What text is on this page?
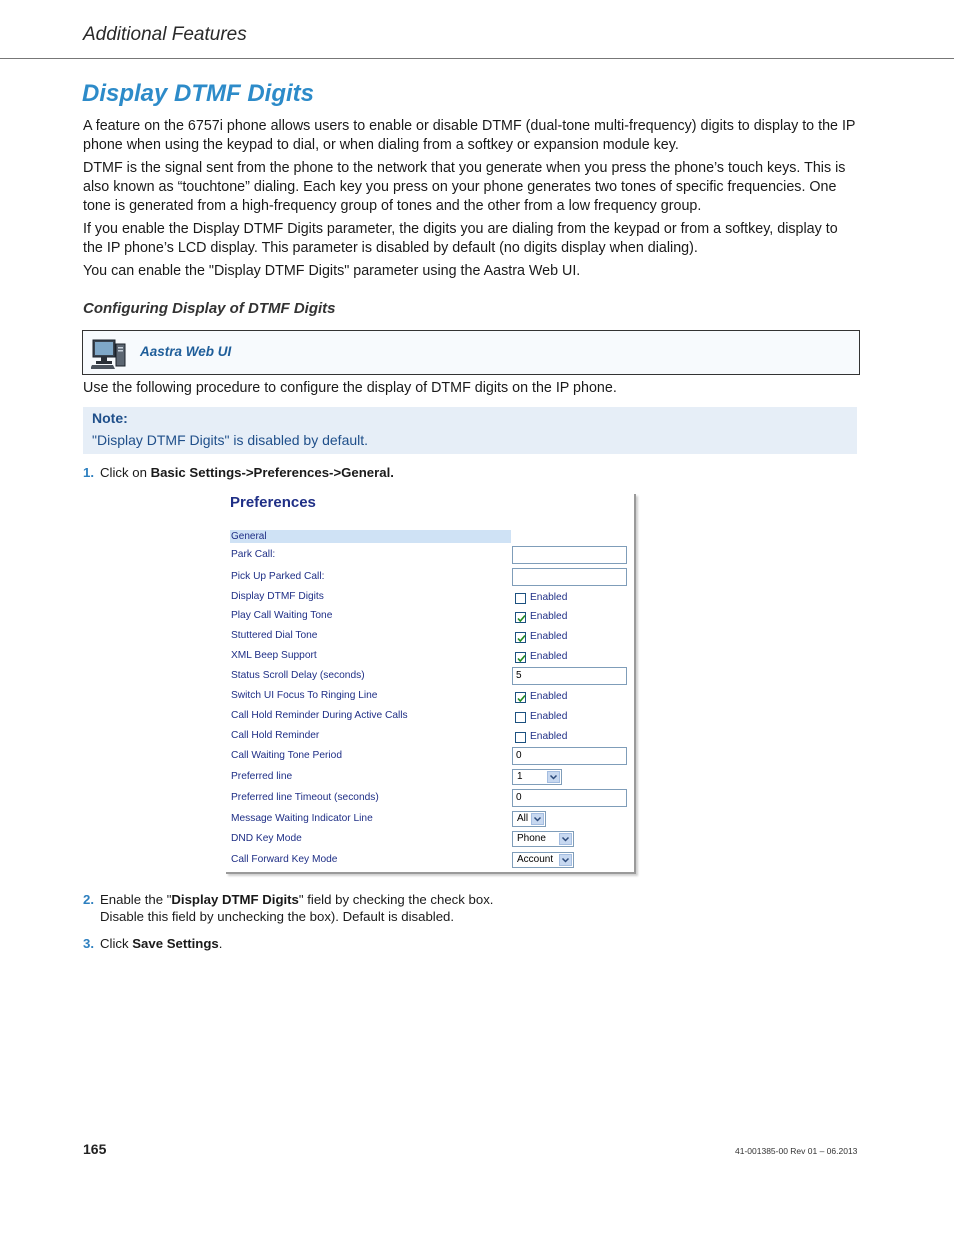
Additional Features
Display DTMF Digits
A feature on the 6757i phone allows users to enable or disable DTMF (dual-tone multi-frequency) digits to display to the IP phone when using the keypad to dial, or when dialing from a softkey or expansion module key.
DTMF is the signal sent from the phone to the network that you generate when you press the phone’s touch keys. This is also known as “touchtone” dialing. Each key you press on your phone generates two tones of specific frequencies. One tone is generated from a high-frequency group of tones and the other from a low frequency group.
If you enable the Display DTMF Digits parameter, the digits you are dialing from the keypad or from a softkey, display to the IP phone’s LCD display. This parameter is disabled by default (no digits display when dialing).
You can enable the "Display DTMF Digits" parameter using the Aastra Web UI.
Configuring Display of DTMF Digits
Aastra Web UI
Use the following procedure to configure the display of DTMF digits on the IP phone.
Note:
"Display DTMF Digits" is disabled by default.
1. Click on Basic Settings->Preferences->General.
Preferences
General
Park Call:
Pick Up Parked Call:
Display DTMF Digits	Enabled
Play Call Waiting Tone	Enabled
Stuttered Dial Tone	Enabled
XML Beep Support	Enabled
Status Scroll Delay (seconds)	5
Switch UI Focus To Ringing Line	Enabled
Call Hold Reminder During Active Calls	Enabled
Call Hold Reminder	Enabled
Call Waiting Tone Period	0
Preferred line	1
Preferred line Timeout (seconds)	0
Message Waiting Indicator Line	All
DND Key Mode	Phone
Call Forward Key Mode	Account
2. Enable the "Display DTMF Digits" field by checking the check box.
Disable this field by unchecking the box). Default is disabled.
3. Click Save Settings.
165	41-001385-00 Rev 01 – 06.2013
